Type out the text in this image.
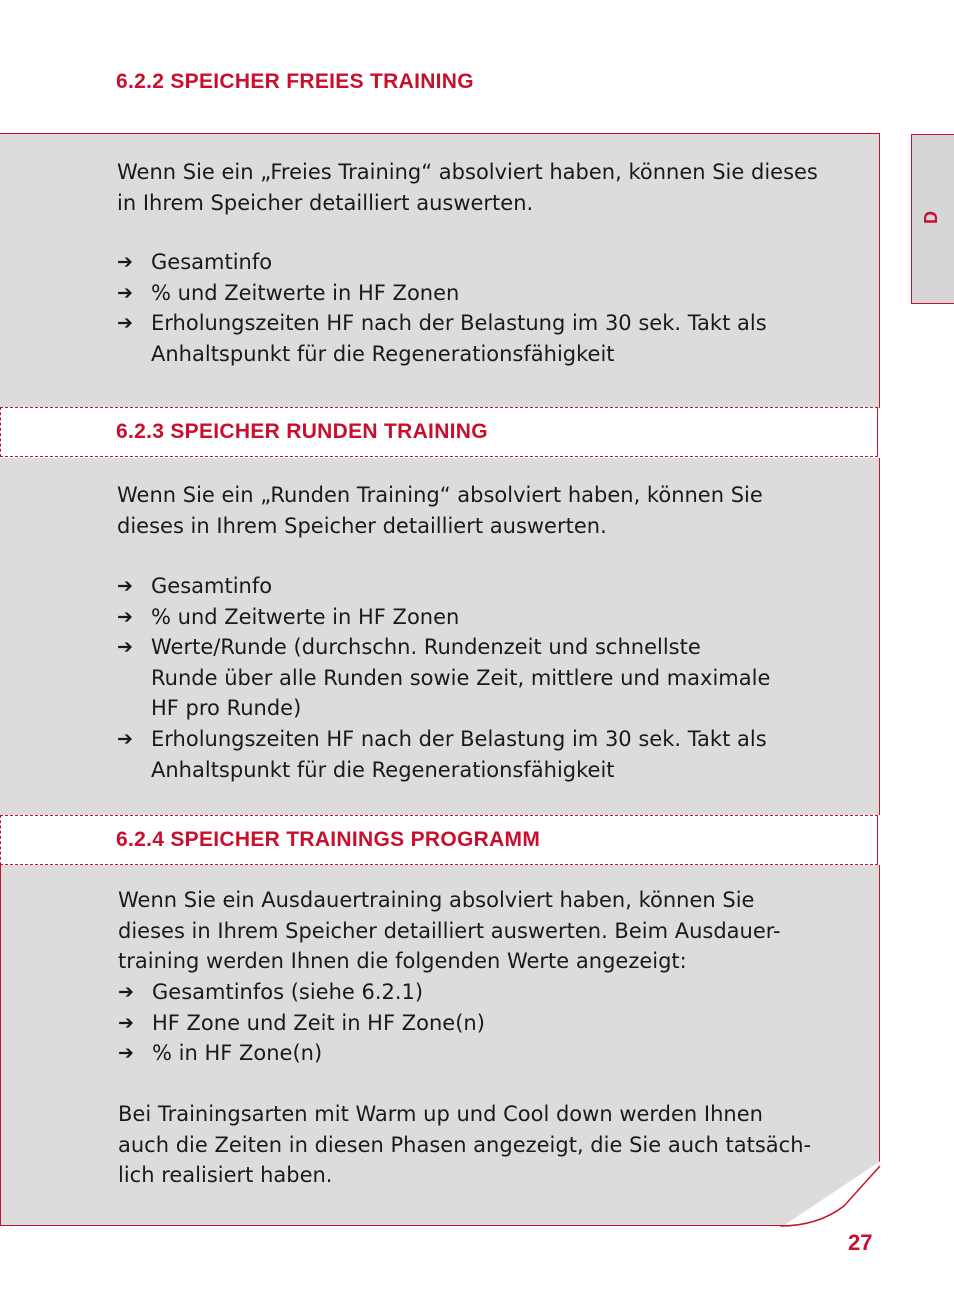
6.2.2 SPEICHER FREIES TRAINING
D
Wenn Sie ein „Freies Training“ absolviert haben, können Sie dieses
in Ihrem Speicher detailliert auswerten.
➔ Gesamtinfo
➔ % und Zeitwerte in HF Zonen
➔ Erholungszeiten HF nach der Belastung im 30 sek. Takt als Anhaltspunkt für die Regenerationsfähigkeit
6.2.3 SPEICHER RUNDEN TRAINING
Wenn Sie ein „Runden Training“ absolviert haben, können Sie
dieses in Ihrem Speicher detailliert auswerten.
➔ Gesamtinfo
➔ % und Zeitwerte in HF Zonen
➔ Werte/Runde (durchschn. Rundenzeit und schnellste Runde über alle Runden sowie Zeit, mittlere und maximale HF pro Runde)
➔ Erholungszeiten HF nach der Belastung im 30 sek. Takt als Anhaltspunkt für die Regenerationsfähigkeit
6.2.4 SPEICHER TRAININGS PROGRAMM
Wenn Sie ein Ausdauertraining absolviert haben, können Sie
dieses in Ihrem Speicher detailliert auswerten. Beim Ausdauer-
training werden Ihnen die folgenden Werte angezeigt:
➔ Gesamtinfos (siehe 6.2.1)
➔ HF Zone und Zeit in HF Zone(n)
➔ % in HF Zone(n)
Bei Trainingsarten mit Warm up und Cool down werden Ihnen
auch die Zeiten in diesen Phasen angezeigt, die Sie auch tatsäch-
lich realisiert haben.
27
